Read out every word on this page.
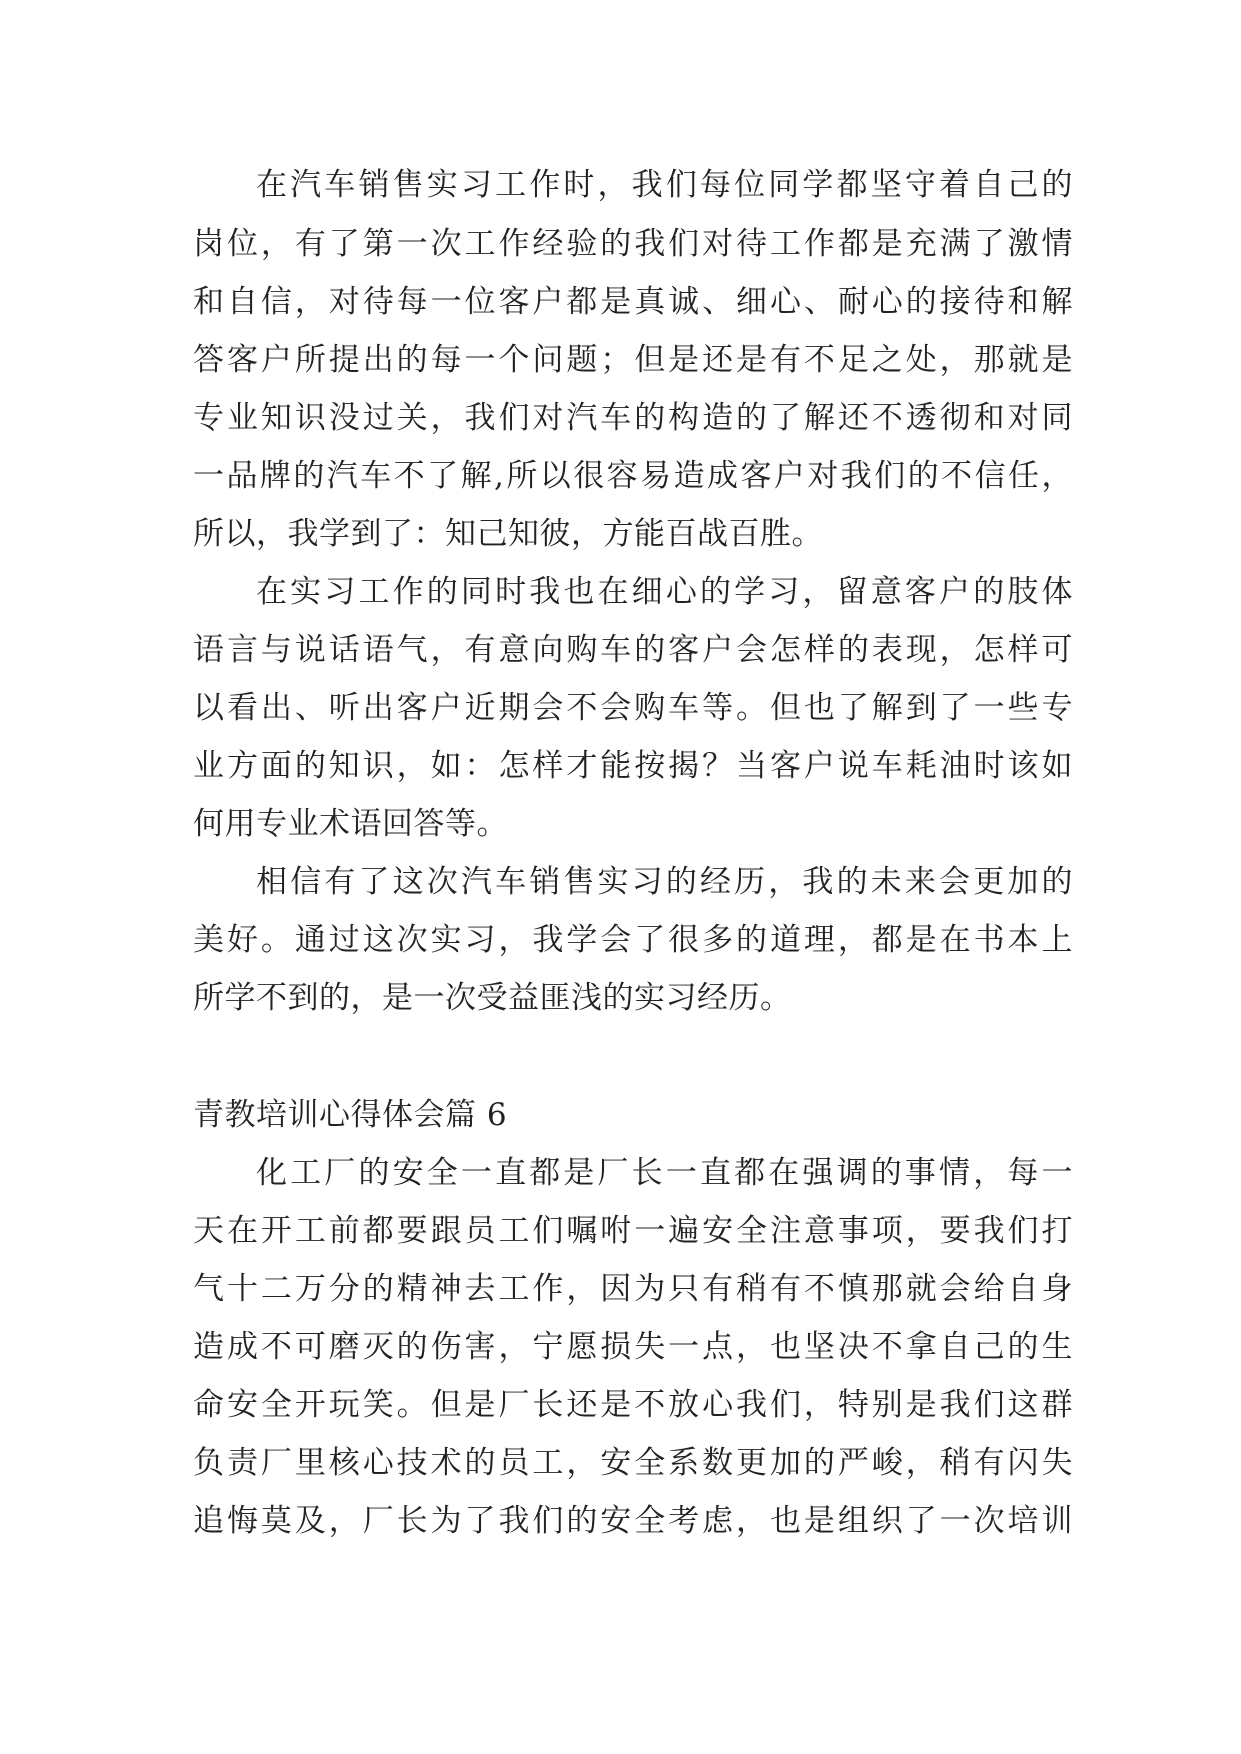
在汽车销售实习工作时，我们每位同学都坚守着自己的
岗位，有了第一次工作经验的我们对待工作都是充满了激情
和自信，对待每一位客户都是真诚、细心、耐心的接待和解
答客户所提出的每一个问题；但是还是有不足之处，那就是
专业知识没过关，我们对汽车的构造的了解还不透彻和对同
一品牌的汽车不了解,所以很容易造成客户对我们的不信任，
所以，我学到了：知己知彼，方能百战百胜。
在实习工作的同时我也在细心的学习，留意客户的肢体
语言与说话语气，有意向购车的客户会怎样的表现，怎样可
以看出、听出客户近期会不会购车等。但也了解到了一些专
业方面的知识，如：怎样才能按揭？当客户说车耗油时该如
何用专业术语回答等。
相信有了这次汽车销售实习的经历，我的未来会更加的
美好。通过这次实习，我学会了很多的道理，都是在书本上
所学不到的，是一次受益匪浅的实习经历。
青教培训心得体会篇 6
化工厂的安全一直都是厂长一直都在强调的事情，每一
天在开工前都要跟员工们嘱咐一遍安全注意事项，要我们打
气十二万分的精神去工作，因为只有稍有不慎那就会给自身
造成不可磨灭的伤害，宁愿损失一点，也坚决不拿自己的生
命安全开玩笑。但是厂长还是不放心我们，特别是我们这群
负责厂里核心技术的员工，安全系数更加的严峻，稍有闪失
追悔莫及，厂长为了我们的安全考虑，也是组织了一次培训
